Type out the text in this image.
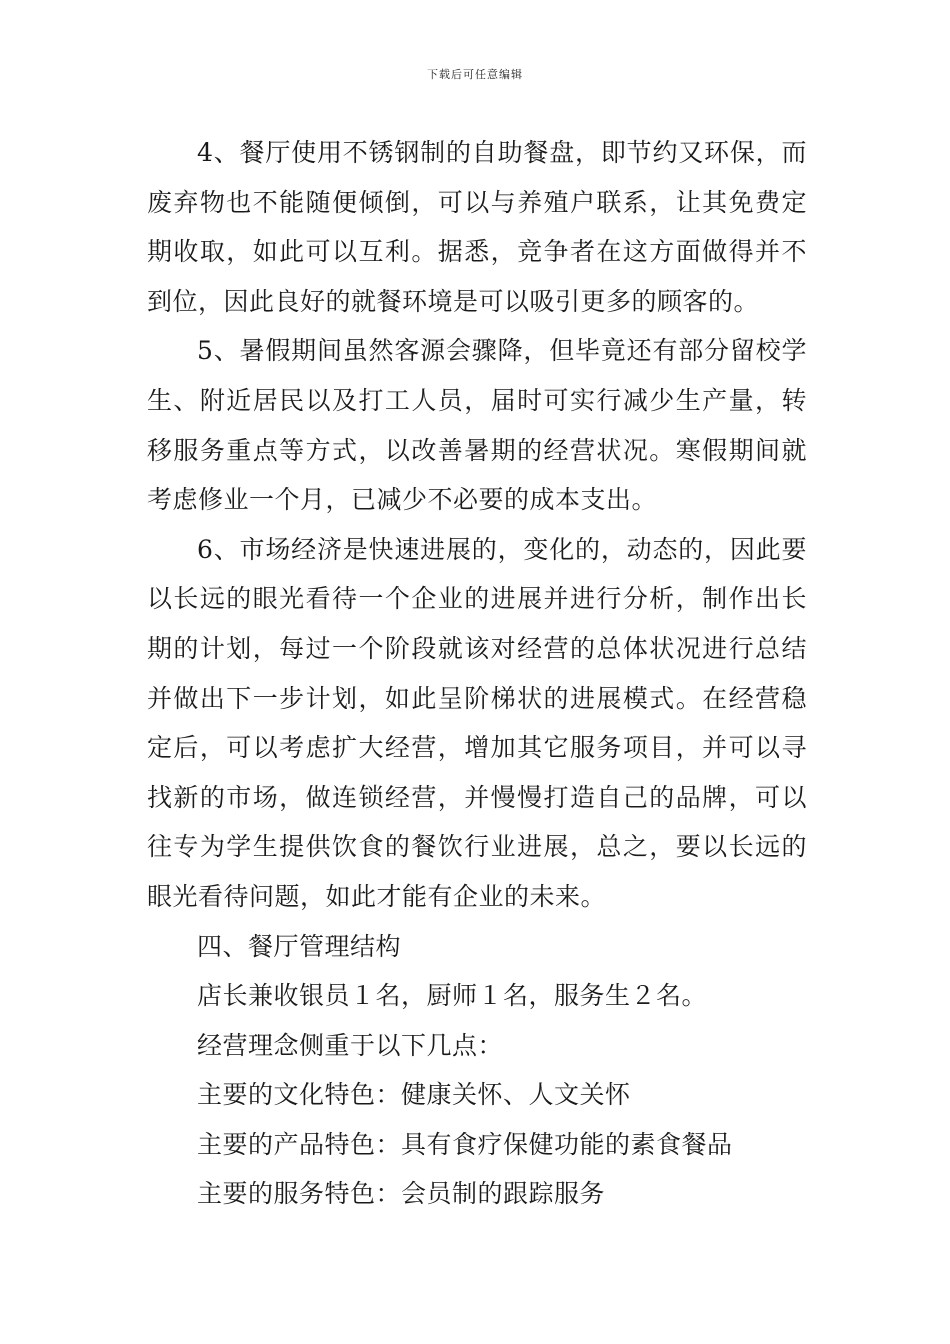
下载后可任意编辑

4、餐厅使用不锈钢制的自助餐盘，即节约又环保，而废弃物也不能随便倾倒，可以与养殖户联系，让其免费定期收取，如此可以互利。据悉，竞争者在这方面做得并不到位，因此良好的就餐环境是可以吸引更多的顾客的。

5、暑假期间虽然客源会骤降，但毕竟还有部分留校学生、附近居民以及打工人员，届时可实行减少生产量，转移服务重点等方式，以改善暑期的经营状况。寒假期间就考虑修业一个月，已减少不必要的成本支出。

6、市场经济是快速进展的，变化的，动态的，因此要以长远的眼光看待一个企业的进展并进行分析，制作出长期的计划，每过一个阶段就该对经营的总体状况进行总结并做出下一步计划，如此呈阶梯状的进展模式。在经营稳定后，可以考虑扩大经营，增加其它服务项目，并可以寻找新的市场，做连锁经营，并慢慢打造自己的品牌，可以往专为学生提供饮食的餐饮行业进展，总之，要以长远的眼光看待问题，如此才能有企业的未来。

四、餐厅管理结构

店长兼收银员１名，厨师１名，服务生２名。

经营理念侧重于以下几点：

主要的文化特色：健康关怀、人文关怀

主要的产品特色：具有食疗保健功能的素食餐品

主要的服务特色：会员制的跟踪服务
